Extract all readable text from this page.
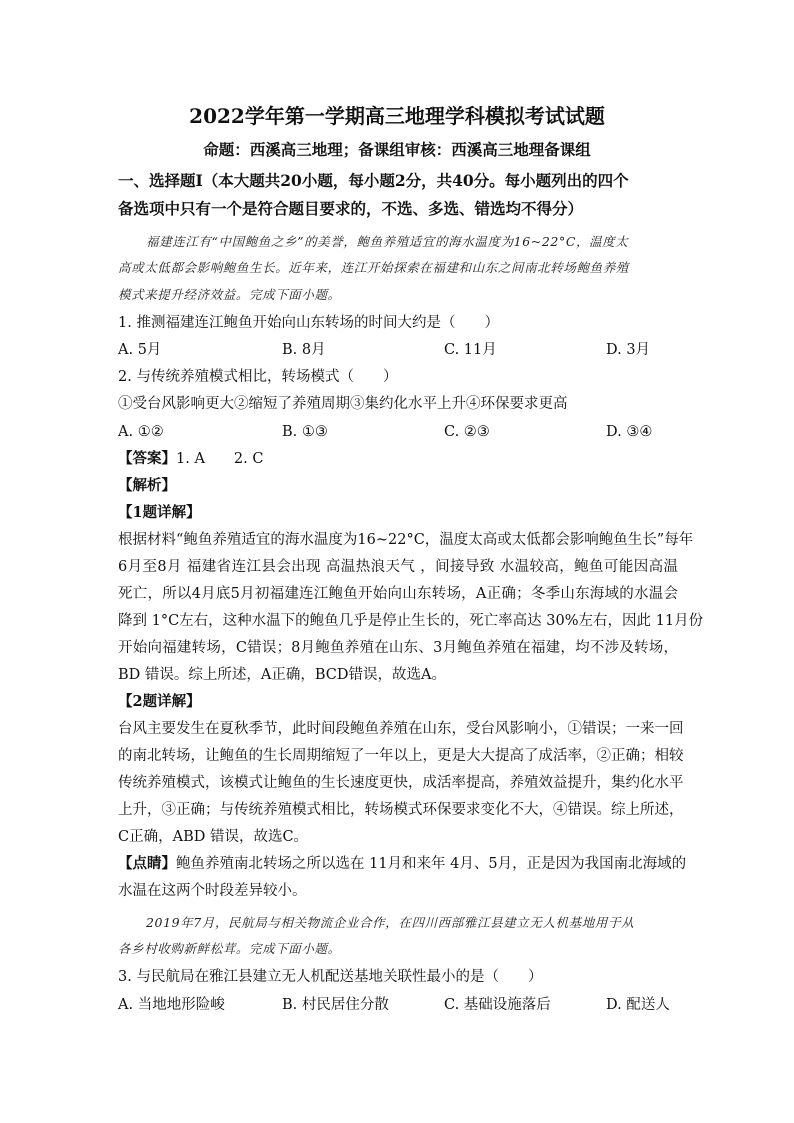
2022学年第一学期高三地理学科模拟考试试题
命题：西溪高三地理；备课组审核：西溪高三地理备课组
一、选择题Ⅰ（本大题共20小题，每小题2分，共40分。每小题列出的四个
备选项中只有一个是符合题目要求的，不选、多选、错选均不得分）
福建连江有“中国鲍鱼之乡”的美誉，鲍鱼养殖适宜的海水温度为16~22°C，温度太
高或太低都会影响鲍鱼生长。近年来，连江开始探索在福建和山东之间南北转场鲍鱼养殖
模式来提升经济效益。完成下面小题。
1. 推测福建连江鲍鱼开始向山东转场的时间大约是（　　）
A. 5月	B. 8月	C. 11月	D. 3月
2. 与传统养殖模式相比，转场模式（　　）
①受台风影响更大②缩短了养殖周期③集约化水平上升④环保要求更高
A. ①②	B. ①③	C. ②③	D. ③④
【答案】1. A　　2. C
【解析】
【1题详解】
根据材料“鲍鱼养殖适宜的海水温度为16~22°C，温度太高或太低都会影响鲍鱼生长”每年
6月至8月 福建省连江县会出现 高温热浪天气 ，间接导致 水温较高，鲍鱼可能因高温
死亡，所以4月底5月初福建连江鲍鱼开始向山东转场，A正确；冬季山东海域的水温会
降到 1°C左右，这种水温下的鲍鱼几乎是停止生长的，死亡率高达 30%左右，因此 11月份
开始向福建转场，C错误；8月鲍鱼养殖在山东、3月鲍鱼养殖在福建，均不涉及转场，
BD 错误。综上所述，A正确，BCD错误，故选A。
【2题详解】
台风主要发生在夏秋季节，此时间段鲍鱼养殖在山东，受台风影响小，①错误；一来一回
的南北转场，让鲍鱼的生长周期缩短了一年以上，更是大大提高了成活率，②正确；相较
传统养殖模式，该模式让鲍鱼的生长速度更快，成活率提高，养殖效益提升，集约化水平
上升，③正确；与传统养殖模式相比，转场模式环保要求变化不大，④错误。综上所述，
C正确，ABD 错误，故选C。
【点睛】鲍鱼养殖南北转场之所以选在 11月和来年 4月、5月，正是因为我国南北海域的
水温在这两个时段差异较小。
2019年7月，民航局与相关物流企业合作，在四川西部雅江县建立无人机基地用于从
各乡村收购新鲜松茸。完成下面小题。
3. 与民航局在雅江县建立无人机配送基地关联性最小的是（　　）
A. 当地地形险峻	B. 村民居住分散	C. 基础设施落后	D. 配送人
